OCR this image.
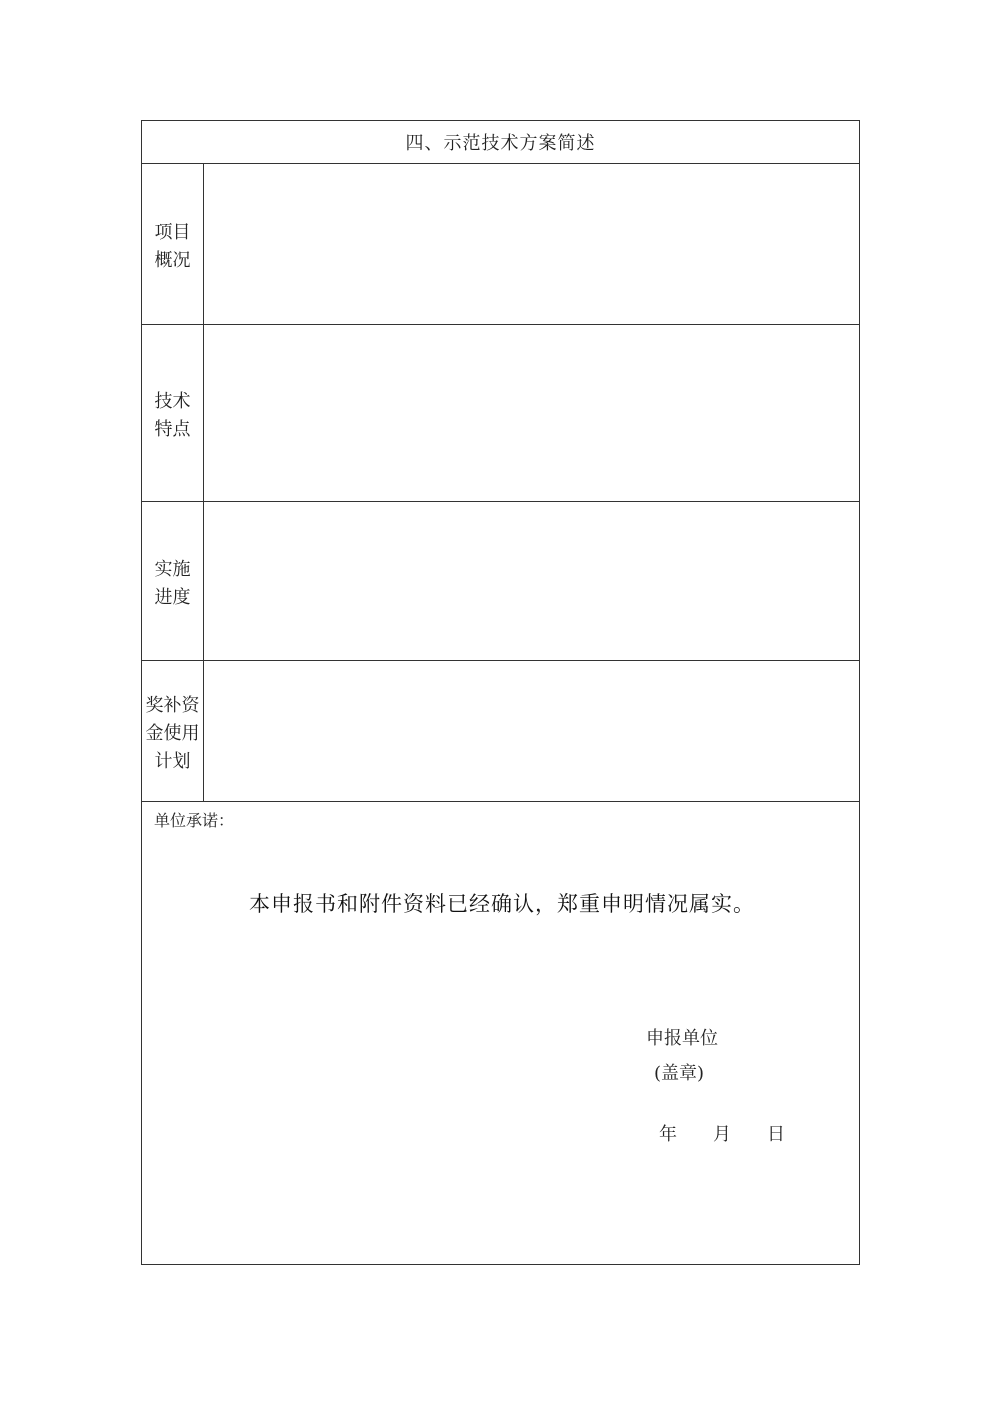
四、示范技术方案简述
项目
概况
技术
特点
实施
进度
奖补资
金使用
计划
单位承诺：
本申报书和附件资料已经确认，郑重申明情况属实。
申报单位
(盖章)
年	月	日
